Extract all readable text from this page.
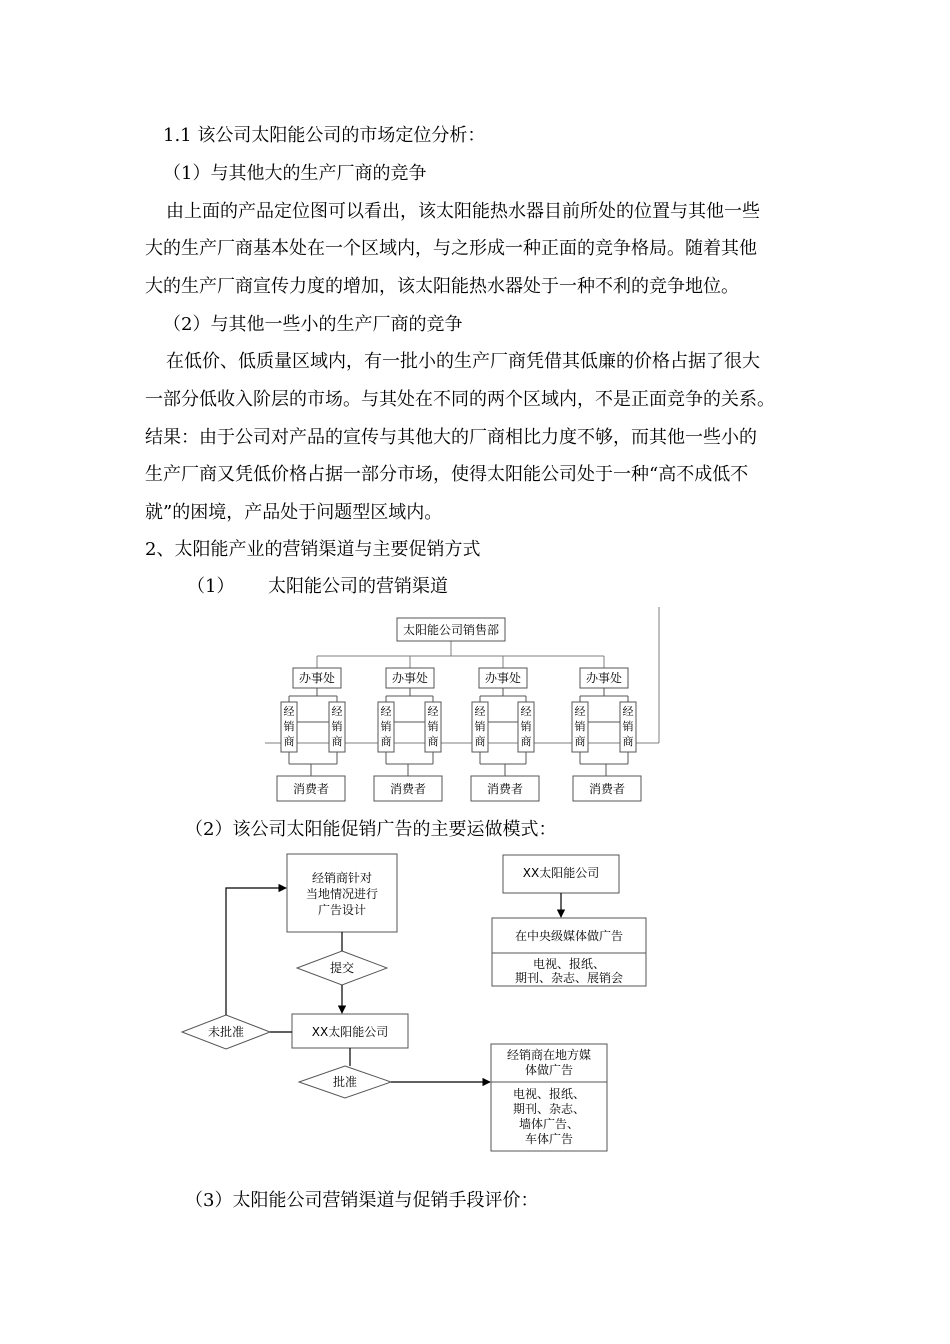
1.1 该公司太阳能公司的市场定位分析：
（1）与其他大的生产厂商的竞争
由上面的产品定位图可以看出，该太阳能热水器目前所处的位置与其他一些
大的生产厂商基本处在一个区域内，与之形成一种正面的竞争格局。随着其他
大的生产厂商宣传力度的增加，该太阳能热水器处于一种不利的竞争地位。
（2）与其他一些小的生产厂商的竞争
在低价、低质量区域内，有一批小的生产厂商凭借其低廉的价格占据了很大
一部分低收入阶层的市场。与其处在不同的两个区域内，不是正面竞争的关系。
结果：由于公司对产品的宣传与其他大的厂商相比力度不够，而其他一些小的
生产厂商又凭低价格占据一部分市场，使得太阳能公司处于一种“高不成低不
就”的困境，产品处于问题型区域内。
2、太阳能产业的营销渠道与主要促销方式
（1） 太阳能公司的营销渠道
太阳能公司销售部
办事处	办事处	办事处	办事处
消费者	消费者	消费者	消费者
经
销
商
经
销
商
经
销
商
经
销
商
经
销
商
经
销
商
经
销
商
经
销
商
（2）该公司太阳能促销广告的主要运做模式：
经销商针对
当地情况进行
广告设计
提交
XX太阳能公司
未批准
批准
经销商在地方媒
体做广告
电视、报纸、
期刊、杂志、
墙体广告、
车体广告
XX太阳能公司
在中央级媒体做广告
电视、报纸、
期刊、杂志、展销会
（3）太阳能公司营销渠道与促销手段评价：
